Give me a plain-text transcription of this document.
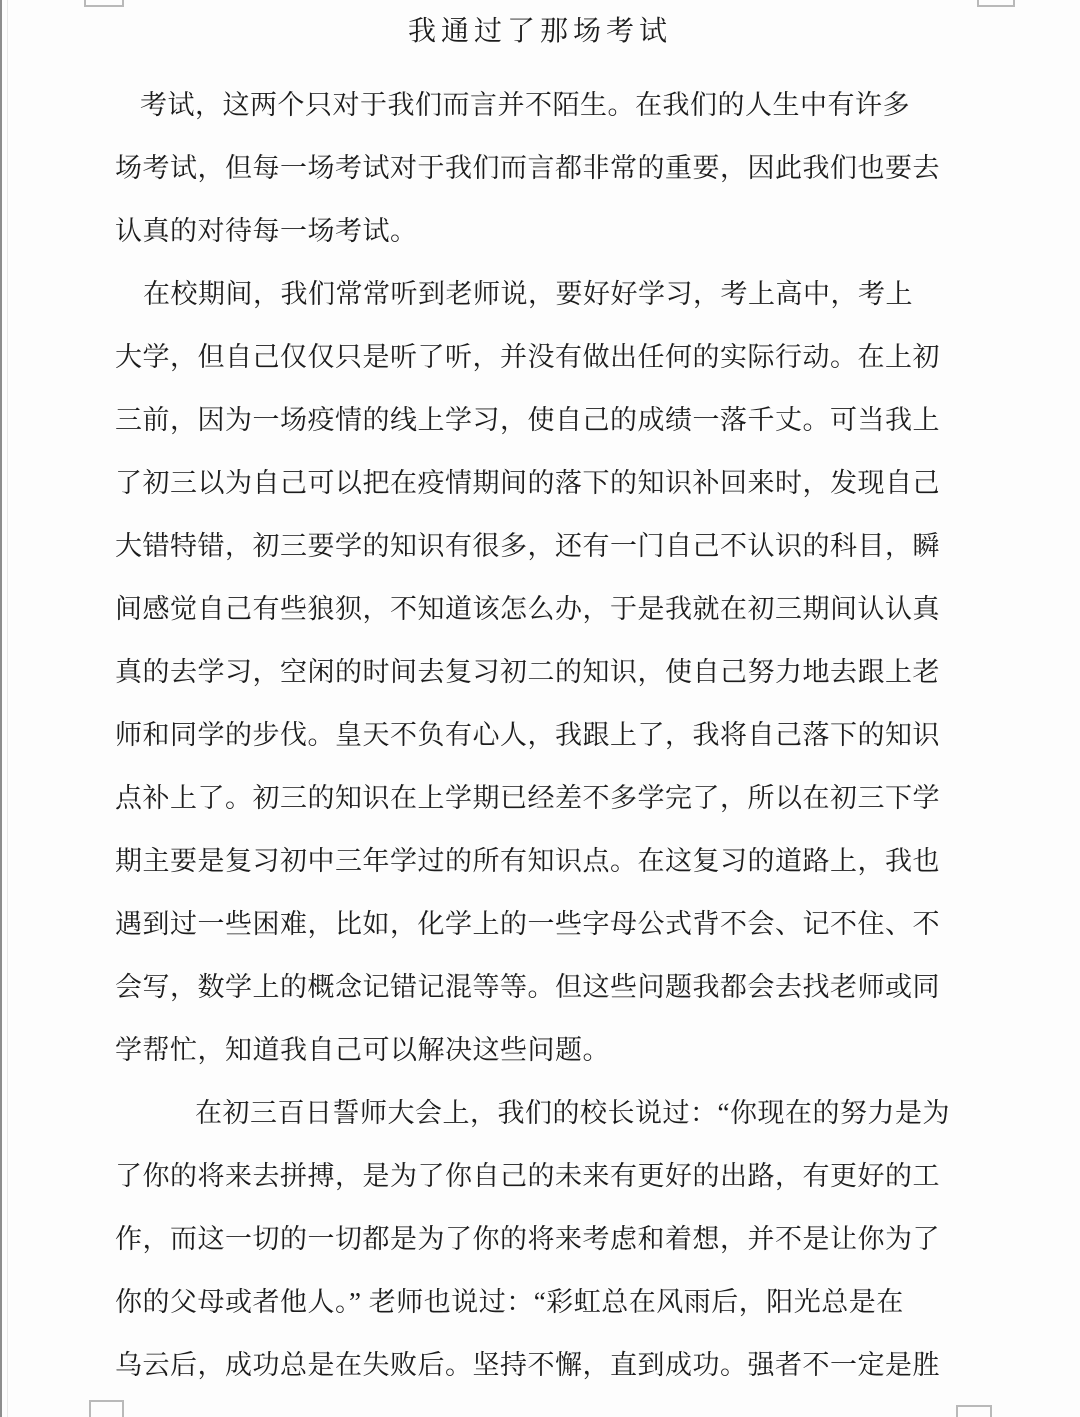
我通过了那场考试
考试，这两个只对于我们而言并不陌生。在我们的人生中有许多
场考试，但每一场考试对于我们而言都非常的重要，因此我们也要去
认真的对待每一场考试。
在校期间，我们常常听到老师说，要好好学习，考上高中，考上
大学，但自己仅仅只是听了听，并没有做出任何的实际行动。在上初
三前，因为一场疫情的线上学习，使自己的成绩一落千丈。可当我上
了初三以为自己可以把在疫情期间的落下的知识补回来时，发现自己
大错特错，初三要学的知识有很多，还有一门自己不认识的科目，瞬
间感觉自己有些狼狈，不知道该怎么办，于是我就在初三期间认认真
真的去学习，空闲的时间去复习初二的知识，使自己努力地去跟上老
师和同学的步伐。皇天不负有心人，我跟上了，我将自己落下的知识
点补上了。初三的知识在上学期已经差不多学完了，所以在初三下学
期主要是复习初中三年学过的所有知识点。在这复习的道路上，我也
遇到过一些困难，比如，化学上的一些字母公式背不会、记不住、不
会写，数学上的概念记错记混等等。但这些问题我都会去找老师或同
学帮忙，知道我自己可以解决这些问题。
在初三百日誓师大会上，我们的校长说过：“你现在的努力是为
了你的将来去拼搏，是为了你自己的未来有更好的出路，有更好的工
作，而这一切的一切都是为了你的将来考虑和着想，并不是让你为了
你的父母或者他人。” 老师也说过：“彩虹总在风雨后，阳光总是在
乌云后，成功总是在失败后。坚持不懈，直到成功。强者不一定是胜
